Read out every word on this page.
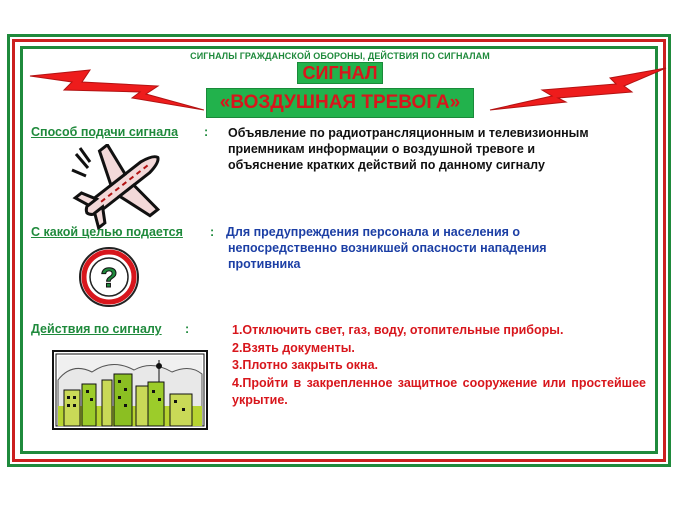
СИГНАЛЫ ГРАЖДАНСКОЙ ОБОРОНЫ, ДЕЙСТВИЯ ПО СИГНАЛАМ
СИГНАЛ
«ВОЗДУШНАЯ ТРЕВОГА»
Способ подачи сигнала : Объявление по радиотрансляционным и телевизионным
приемникам информации о воздушной тревоге и
объяснение кратких действий по данному сигналу
С какой целью подается : Для предупреждения персонала и населения о
непосредственно возникшей опасности нападения
противника
?
Действия по сигналу :	1.Отключить свет, газ, воду, отопительные приборы.
2.Взять документы.
3.Плотно закрыть окна.
4.Пройти в закрепленное защитное сооружение или простейшее укрытие.
